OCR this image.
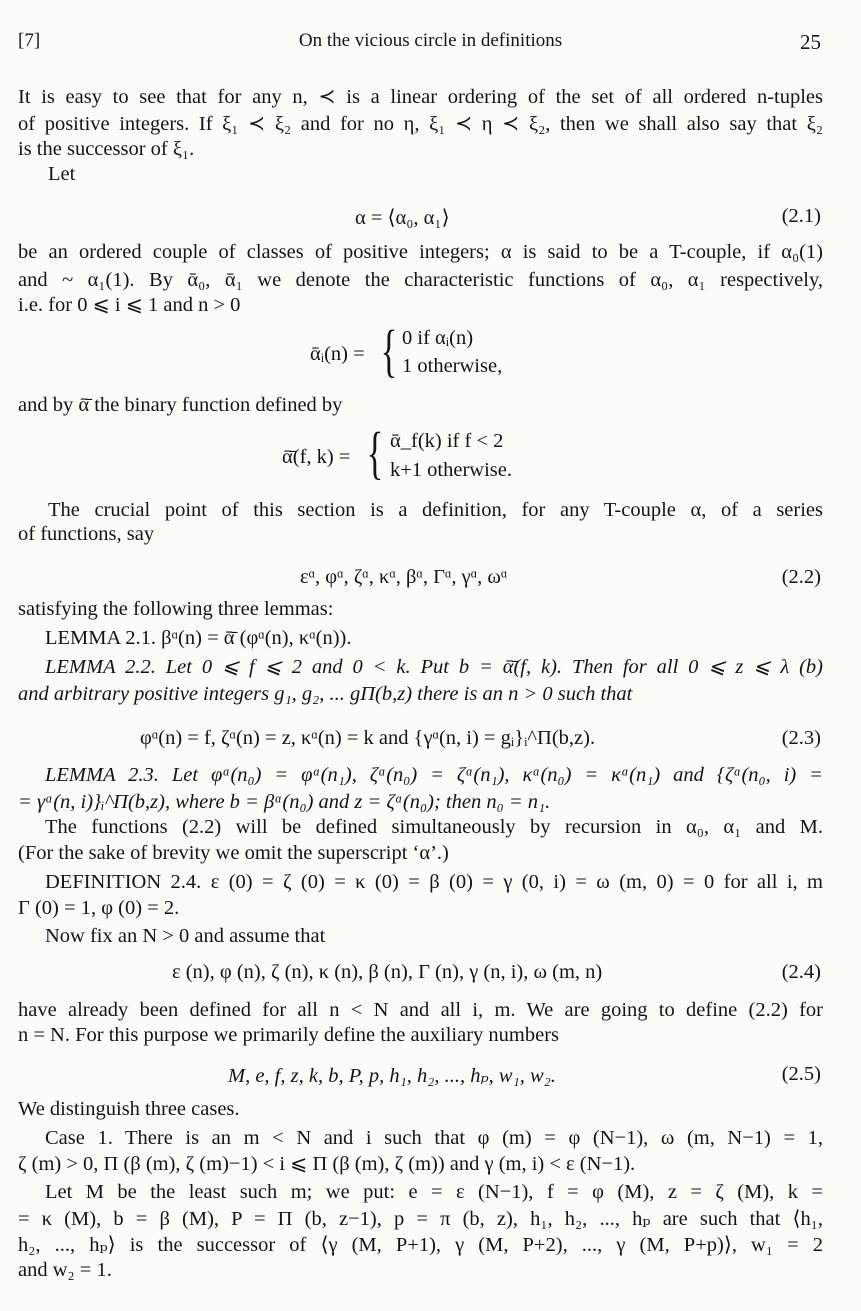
[7]	On the vicious circle in definitions	25
It is easy to see that for any n, ≺ is a linear ordering of the set of all ordered n-tuples
of positive integers. If ξ₁ ≺ ξ₂ and for no η, ξ₁ ≺ η ≺ ξ₂, then we shall also say that ξ₂
is the successor of ξ₁.
Let
α = ⟨α₀, α₁⟩	(2.1)
be an ordered couple of classes of positive integers; α is said to be a T-couple, if α₀(1)
and ~ α₁(1). By ᾱ₀, ᾱ₁ we denote the characteristic functions of α₀, α₁ respectively,
i.e. for 0 ⩽ i ⩽ 1 and n > 0
ᾱᵢ(n) = { 0 if αᵢ(n)
1 otherwise,
and by ᾱ̄ the binary function defined by
ᾱ̄(f, k) = { ᾱ_f(k) if f < 2
k+1 otherwise.
The crucial point of this section is a definition, for any T-couple α, of a series
of functions, say
εᵅ, φᵅ, ζᵅ, κᵅ, βᵅ, Γᵅ, γᵅ, ωᵅ	(2.2)
satisfying the following three lemmas:
LEMMA 2.1. βᵅ(n) = ᾱ̄ (φᵅ(n), κᵅ(n)).
LEMMA 2.2. Let 0 ⩽ f ⩽ 2 and 0 < k. Put b = ᾱ̄(f, k). Then for all 0 ⩽ z ⩽ λ (b)
and arbitrary positive integers g₁, g₂, ... gΠ(b,z) there is an n > 0 such that
φᵅ(n) = f, ζᵅ(n) = z, κᵅ(n) = k and {γᵅ(n, i) = gᵢ}ᵢ^Π(b,z).	(2.3)
LEMMA 2.3. Let φᵅ(n₀) = φᵅ(n₁), ζᵅ(n₀) = ζᵅ(n₁), κᵅ(n₀) = κᵅ(n₁) and {ζᵅ(n₀, i) =
= γᵅ(n, i)}ᵢ^Π(b,z), where b = βᵅ(n₀) and z = ζᵅ(n₀); then n₀ = n₁.
The functions (2.2) will be defined simultaneously by recursion in α₀, α₁ and M.
(For the sake of brevity we omit the superscript ‘α’.)
DEFINITION 2.4. ε (0) = ζ (0) = κ (0) = β (0) = γ (0, i) = ω (m, 0) = 0 for all i, m
Γ (0) = 1, φ (0) = 2.
Now fix an N > 0 and assume that
ε (n), φ (n), ζ (n), κ (n), β (n), Γ (n), γ (n, i), ω (m, n)	(2.4)
have already been defined for all n < N and all i, m. We are going to define (2.2) for
n = N. For this purpose we primarily define the auxiliary numbers
M, e, f, z, k, b, P, p, h₁, h₂, ..., hₚ, w₁, w₂.	(2.5)
We distinguish three cases.
Case 1. There is an m < N and i such that φ (m) = φ (N−1), ω (m, N−1) = 1,
ζ (m) > 0, Π (β (m), ζ (m)−1) < i ⩽ Π (β (m), ζ (m)) and γ (m, i) < ε (N−1).
Let M be the least such m; we put: e = ε (N−1), f = φ (M), z = ζ (M), k =
= κ (M), b = β (M), P = Π (b, z−1), p = π (b, z), h₁, h₂, ..., hₚ are such that ⟨h₁,
h₂, ..., hₚ⟩ is the successor of ⟨γ (M, P+1), γ (M, P+2), ..., γ (M, P+p)⟩, w₁ = 2
and w₂ = 1.
